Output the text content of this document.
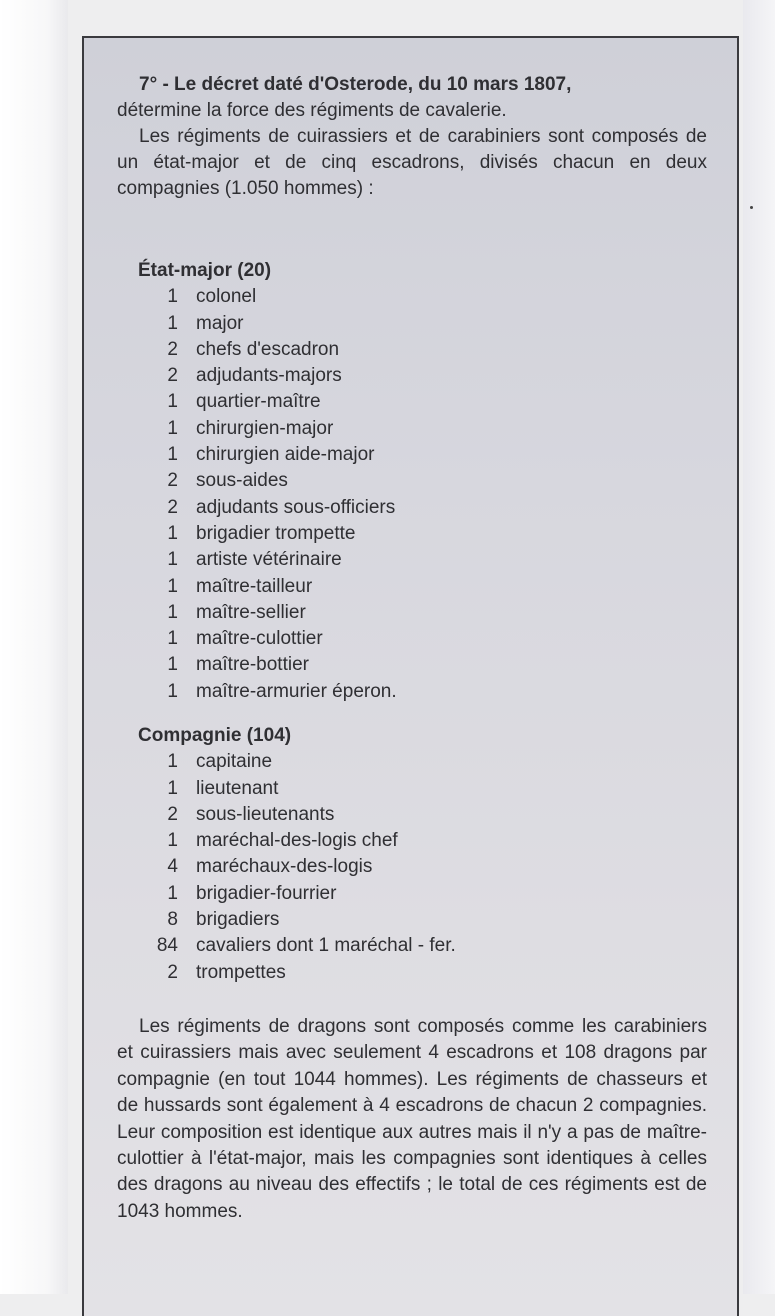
7° - Le décret daté d'Osterode, du 10 mars 1807,
détermine la force des régiments de cavalerie.

Les régiments de cuirassiers et de carabiniers sont composés de un état-major et de cinq escadrons, divisés chacun en deux compagnies (1.050 hommes) :

État-major (20)
1 colonel
1 major
2 chefs d'escadron
2 adjudants-majors
1 quartier-maître
1 chirurgien-major
1 chirurgien aide-major
2 sous-aides
2 adjudants sous-officiers
1 brigadier trompette
1 artiste vétérinaire
1 maître-tailleur
1 maître-sellier
1 maître-culottier
1 maître-bottier
1 maître-armurier éperon.
Compagnie (104)
1 capitaine
1 lieutenant
2 sous-lieutenants
1 maréchal-des-logis chef
4 maréchaux-des-logis
1 brigadier-fourrier
8 brigadiers
84 cavaliers dont 1 maréchal - fer.
2 trompettes

Les régiments de dragons sont composés comme les carabiniers et cuirassiers mais avec seulement 4 escadrons et 108 dragons par compagnie (en tout 1044 hommes). Les régiments de chasseurs et de hussards sont également à 4 escadrons de chacun 2 compagnies. Leur composition est identique aux autres mais il n'y a pas de maître-culottier à l'état-major, mais les compagnies sont identiques à celles des dragons au niveau des effectifs ; le total de ces régiments est de 1043 hommes.
